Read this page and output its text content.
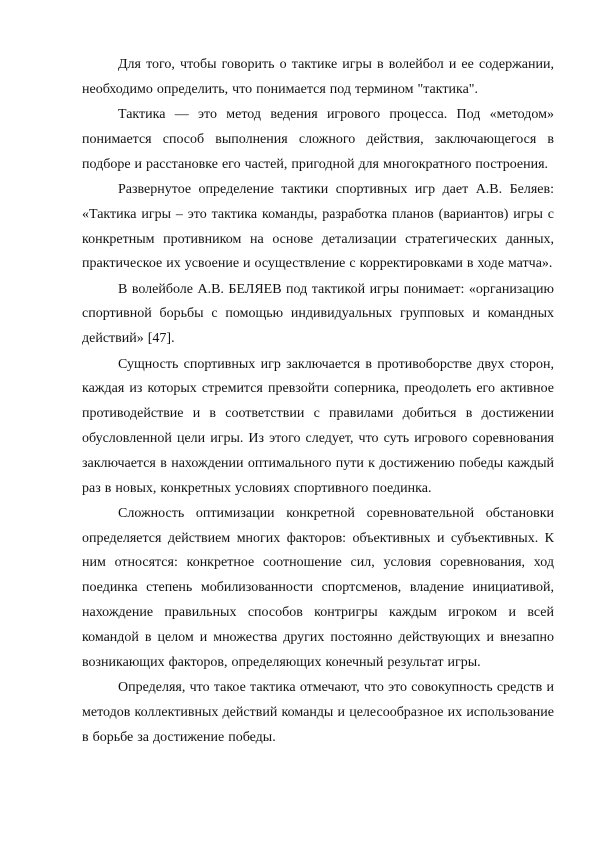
Для того, чтобы говорить о тактике игры в волейбол и ее содержании, необходимо определить, что понимается под термином "тактика".

Тактика — это метод ведения игрового процесса. Под «методом» понимается способ выполнения сложного действия, заключающегося в подборе и расстановке его частей, пригодной для многократного построения.

Развернутое определение тактики спортивных игр дает А.В. Беляев: «Тактика игры – это тактика команды, разработка планов (вариантов) игры с конкретным противником на основе детализации стратегических данных, практическое их усвоение и осуществление с корректировками в ходе матча».

В волейболе А.В. БЕЛЯЕВ под тактикой игры понимает: «организацию спортивной борьбы с помощью индивидуальных групповых и командных действий» [47].

Сущность спортивных игр заключается в противоборстве двух сторон, каждая из которых стремится превзойти соперника, преодолеть его активное противодействие и в соответствии с правилами добиться в достижении обусловленной цели игры. Из этого следует, что суть игрового соревнования заключается в нахождении оптимального пути к достижению победы каждый раз в новых, конкретных условиях спортивного поединка.

Сложность оптимизации конкретной соревновательной обстановки определяется действием многих факторов: объективных и субъективных. К ним относятся: конкретное соотношение сил, условия соревнования, ход поединка степень мобилизованности спортсменов, владение инициативой, нахождение правильных способов контригры каждым игроком и всей командой в целом и множества других постоянно действующих и внезапно возникающих факторов, определяющих конечный результат игры.

Определяя, что такое тактика отмечают, что это совокупность средств и методов коллективных действий команды и целесообразное их использование в борьбе за достижение победы.
